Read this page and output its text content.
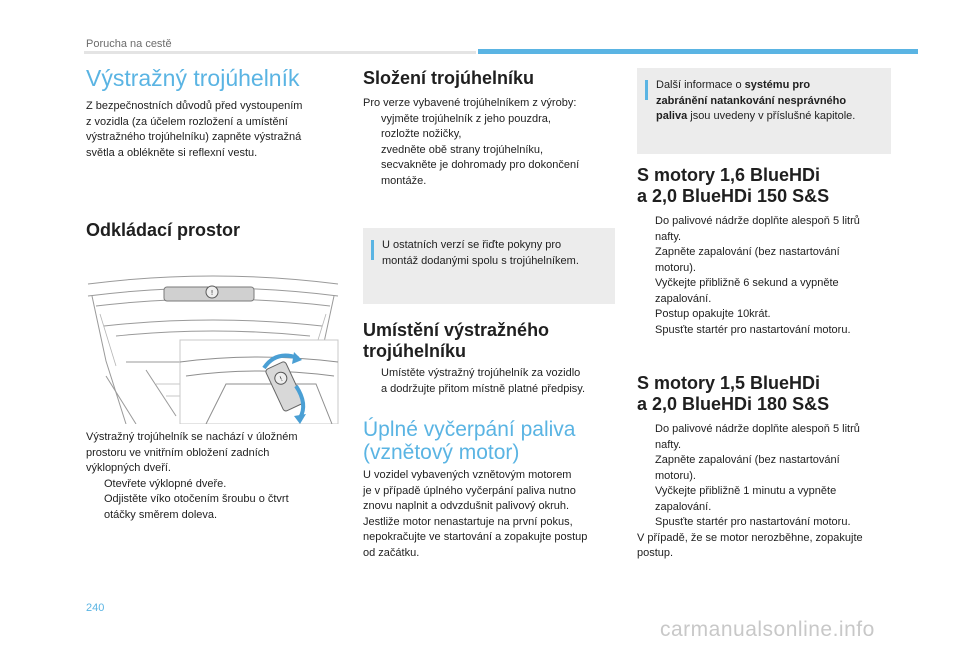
Porucha na cestě
Výstražný trojúhelník
Z bezpečnostních důvodů před vystoupením
z vozidla (za účelem rozložení a umístění
výstražného trojúhelníku) zapněte výstražná
světla a oblékněte si reflexní vestu.
Odkládací prostor
!
!
Výstražný trojúhelník se nachází v úložném
prostoru ve vnitřním obložení zadních
výklopných dveří.
Otevřete výklopné dveře.
Odjistěte víko otočením šroubu o čtvrt
otáčky směrem doleva.
Složení trojúhelníku
Pro verze vybavené trojúhelníkem z výroby:
vyjměte trojúhelník z jeho pouzdra,
rozložte nožičky,
zvedněte obě strany trojúhelníku,
secvakněte je dohromady pro dokončení
montáže.
U ostatních verzí se řiďte pokyny pro
montáž dodanými spolu s trojúhelníkem.
Umístění výstražného
trojúhelníku
Umístěte výstražný trojúhelník za vozidlo
a dodržujte přitom místně platné předpisy.
Úplné vyčerpání paliva
(vznětový motor)
U vozidel vybavených vznětovým motorem
je v případě úplného vyčerpání paliva nutno
znovu naplnit a odvzdušnit palivový okruh.
Jestliže motor nenastartuje na první pokus,
nepokračujte ve startování a zopakujte postup
od začátku.
Další informace o systému pro
zabránění natankování nesprávného
paliva jsou uvedeny v příslušné kapitole.
S motory 1,6 BlueHDi
a 2,0 BlueHDi 150 S&S
Do palivové nádrže doplňte alespoň 5 litrů
nafty.
Zapněte zapalování (bez nastartování
motoru).
Vyčkejte přibližně 6 sekund a vypněte
zapalování.
Postup opakujte 10krát.
Spusťte startér pro nastartování motoru.
S motory 1,5 BlueHDi
a 2,0 BlueHDi 180 S&S
Do palivové nádrže doplňte alespoň 5 litrů
nafty.
Zapněte zapalování (bez nastartování
motoru).
Vyčkejte přibližně 1 minutu a vypněte
zapalování.
Spusťte startér pro nastartování motoru.
V případě, že se motor nerozběhne, zopakujte
postup.
240
carmanualsonline.info
